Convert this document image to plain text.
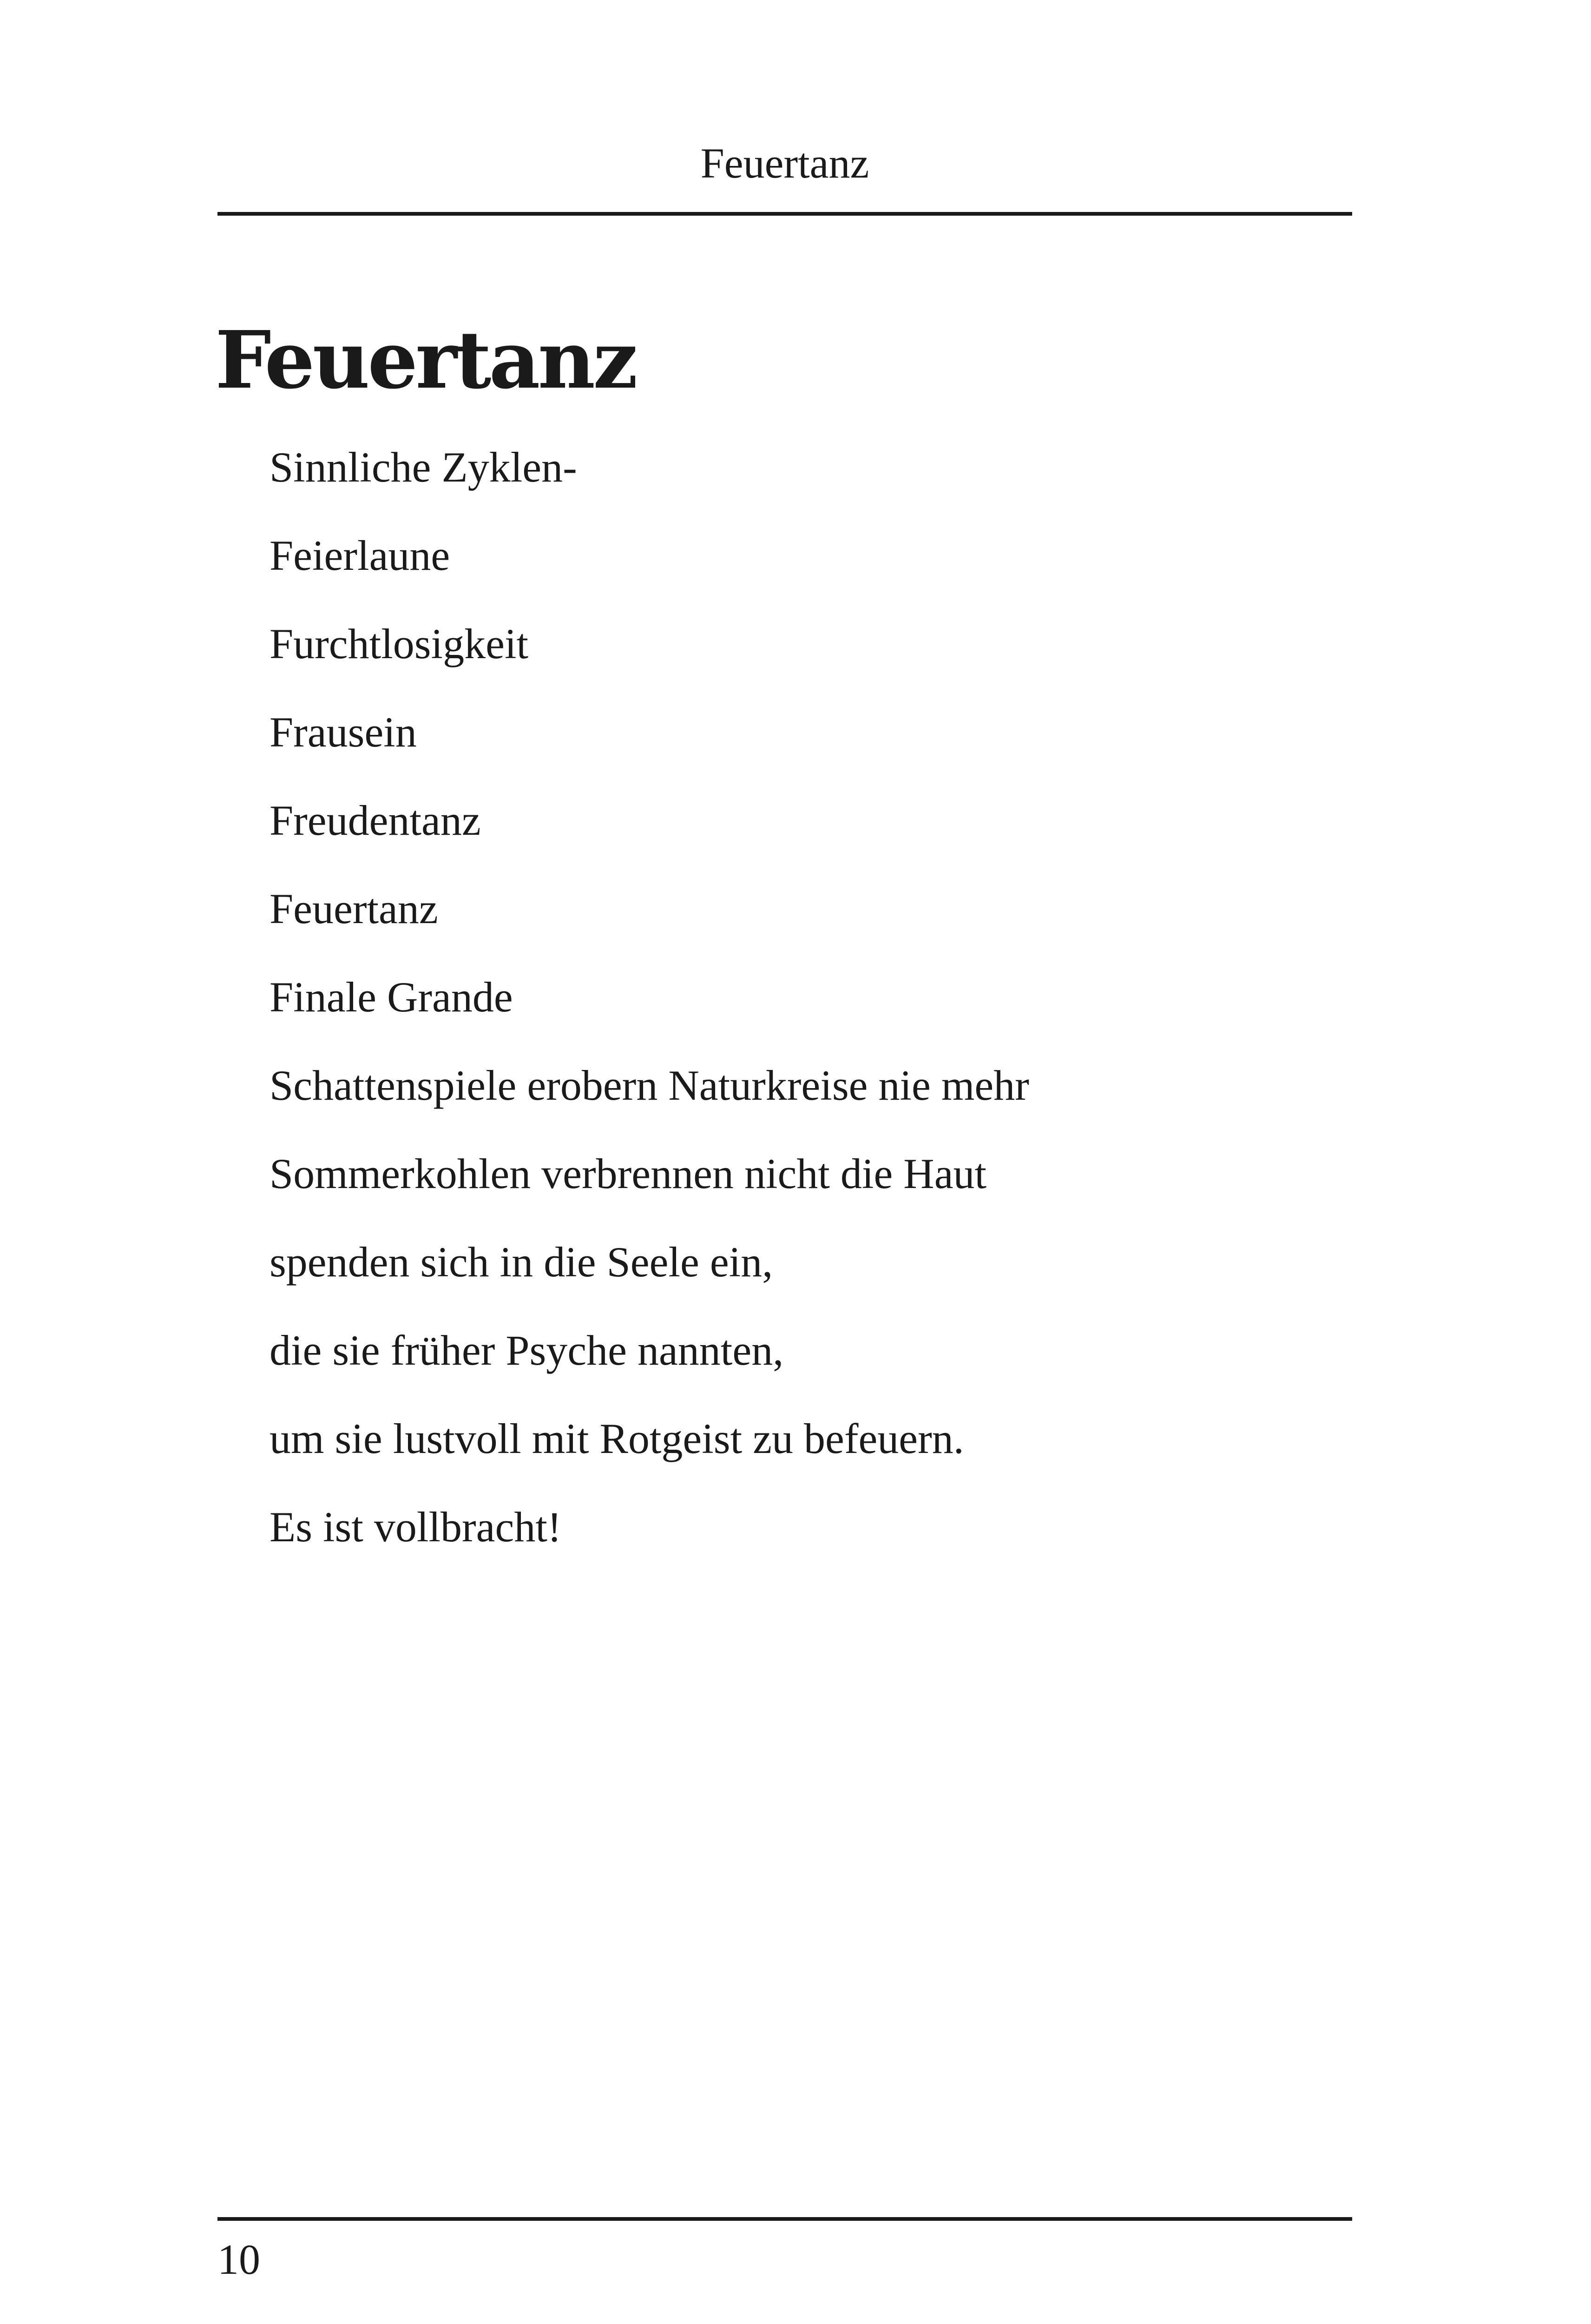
Feuertanz
Feuertanz
Sinnliche Zyklen-
Feierlaune
Furchtlosigkeit
Frausein
Freudentanz
Feuertanz
Finale Grande
Schattenspiele erobern Naturkreise nie mehr
Sommerkohlen verbrennen nicht die Haut
spenden sich in die Seele ein,
die sie früher Psyche nannten,
um sie lustvoll mit Rotgeist zu befeuern.
Es ist vollbracht!
10
